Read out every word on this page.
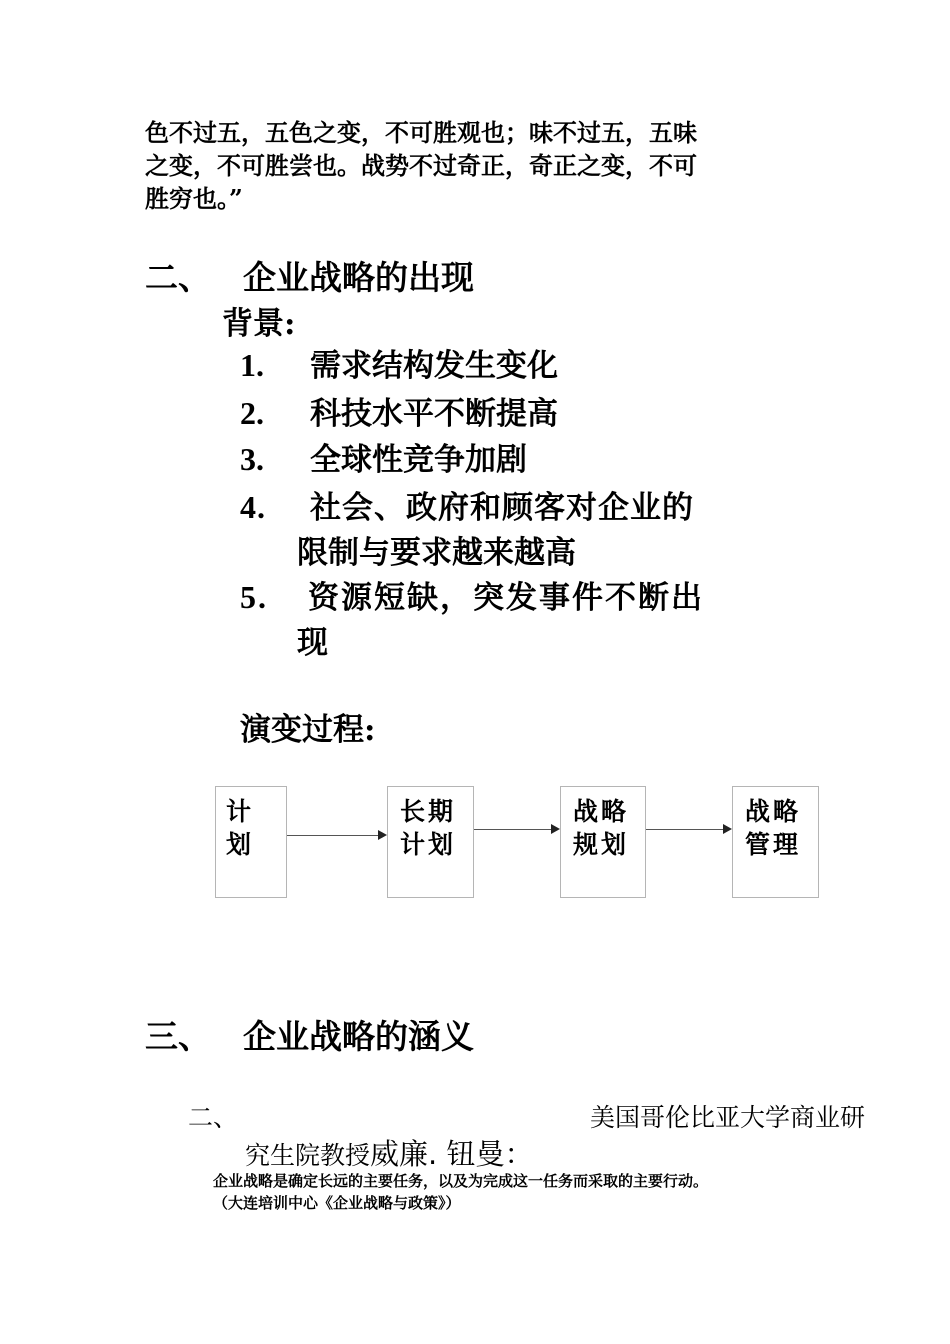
色不过五，五色之变，不可胜观也；味不过五，五味
之变，不可胜尝也。战势不过奇正，奇正之变，不可
胜穷也。”
二、 企业战略的出现
背景:
1. 需求结构发生变化
2. 科技水平不断提高
3. 全球性竞争加剧
4. 社会、政府和顾客对企业的
限制与要求越来越高
5. 资源短缺，突发事件不断出
现
演变过程:
计
划
长期
计划
战略
规划
战略
管理
三、 企业战略的涵义
二、	美国哥伦比亚大学商业研
究生院教授威廉. 钮曼：
企业战略是确定长远的主要任务，以及为完成这一任务而采取的主要行动。
（大连培训中心《企业战略与政策》）
